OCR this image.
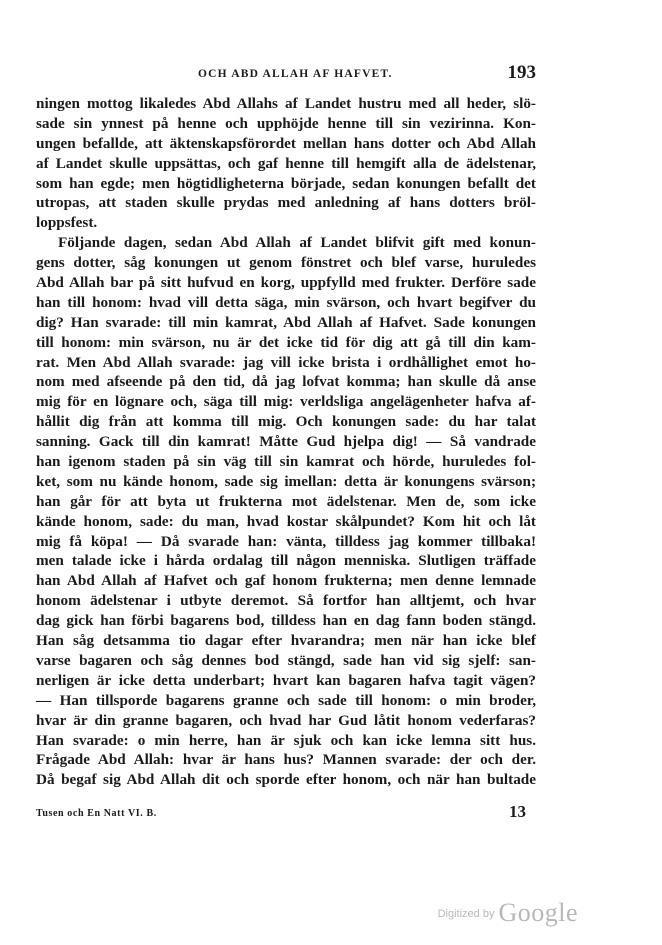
OCH ABD ALLAH AF HAFVET.	193
ningen mottog likaledes Abd Allahs af Landet hustru med all heder, slö-
sade sin ynnest på henne och upphöjde henne till sin vezirinna. Kon-
ungen befallde, att äktenskapsförordet mellan hans dotter och Abd Allah
af Landet skulle uppsättas, och gaf henne till hemgift alla de ädelstenar,
som han egde; men högtidligheterna började, sedan konungen befallt det
utropas, att staden skulle prydas med anledning af hans dotters bröl-
loppsfest.
Följande dagen, sedan Abd Allah af Landet blifvit gift med konun-
gens dotter, såg konungen ut genom fönstret och blef varse, huruledes
Abd Allah bar på sitt hufvud en korg, uppfylld med frukter. Derföre sade
han till honom: hvad vill detta säga, min svärson, och hvart begifver du
dig? Han svarade: till min kamrat, Abd Allah af Hafvet. Sade konungen
till honom: min svärson, nu är det icke tid för dig att gå till din kam-
rat. Men Abd Allah svarade: jag vill icke brista i ordhållighet emot ho-
nom med afseende på den tid, då jag lofvat komma; han skulle då anse
mig för en lögnare och, säga till mig: verldsliga angelägenheter hafva af-
hållit dig från att komma till mig. Och konungen sade: du har talat
sanning. Gack till din kamrat! Måtte Gud hjelpa dig! — Så vandrade
han igenom staden på sin väg till sin kamrat och hörde, huruledes fol-
ket, som nu kände honom, sade sig imellan: detta är konungens svärson;
han går för att byta ut frukterna mot ädelstenar. Men de, som icke
kände honom, sade: du man, hvad kostar skålpundet? Kom hit och låt
mig få köpa! — Då svarade han: vänta, tilldess jag kommer tillbaka!
men talade icke i hårda ordalag till någon menniska. Slutligen träffade
han Abd Allah af Hafvet och gaf honom frukterna; men denne lemnade
honom ädelstenar i utbyte deremot. Så fortfor han alltjemt, och hvar
dag gick han förbi bagarens bod, tilldess han en dag fann boden stängd.
Han såg detsamma tio dagar efter hvarandra; men när han icke blef
varse bagaren och såg dennes bod stängd, sade han vid sig sjelf: san-
nerligen är icke detta underbart; hvart kan bagaren hafva tagit vägen?
— Han tillsporde bagarens granne och sade till honom: o min broder,
hvar är din granne bagaren, och hvad har Gud låtit honom vederfaras?
Han svarade: o min herre, han är sjuk och kan icke lemna sitt hus.
Frågade Abd Allah: hvar är hans hus? Mannen svarade: der och der.
Då begaf sig Abd Allah dit och sporde efter honom, och när han bultade
Tusen och En Natt VI. B.	13
$^{Digitized by}$ Google
